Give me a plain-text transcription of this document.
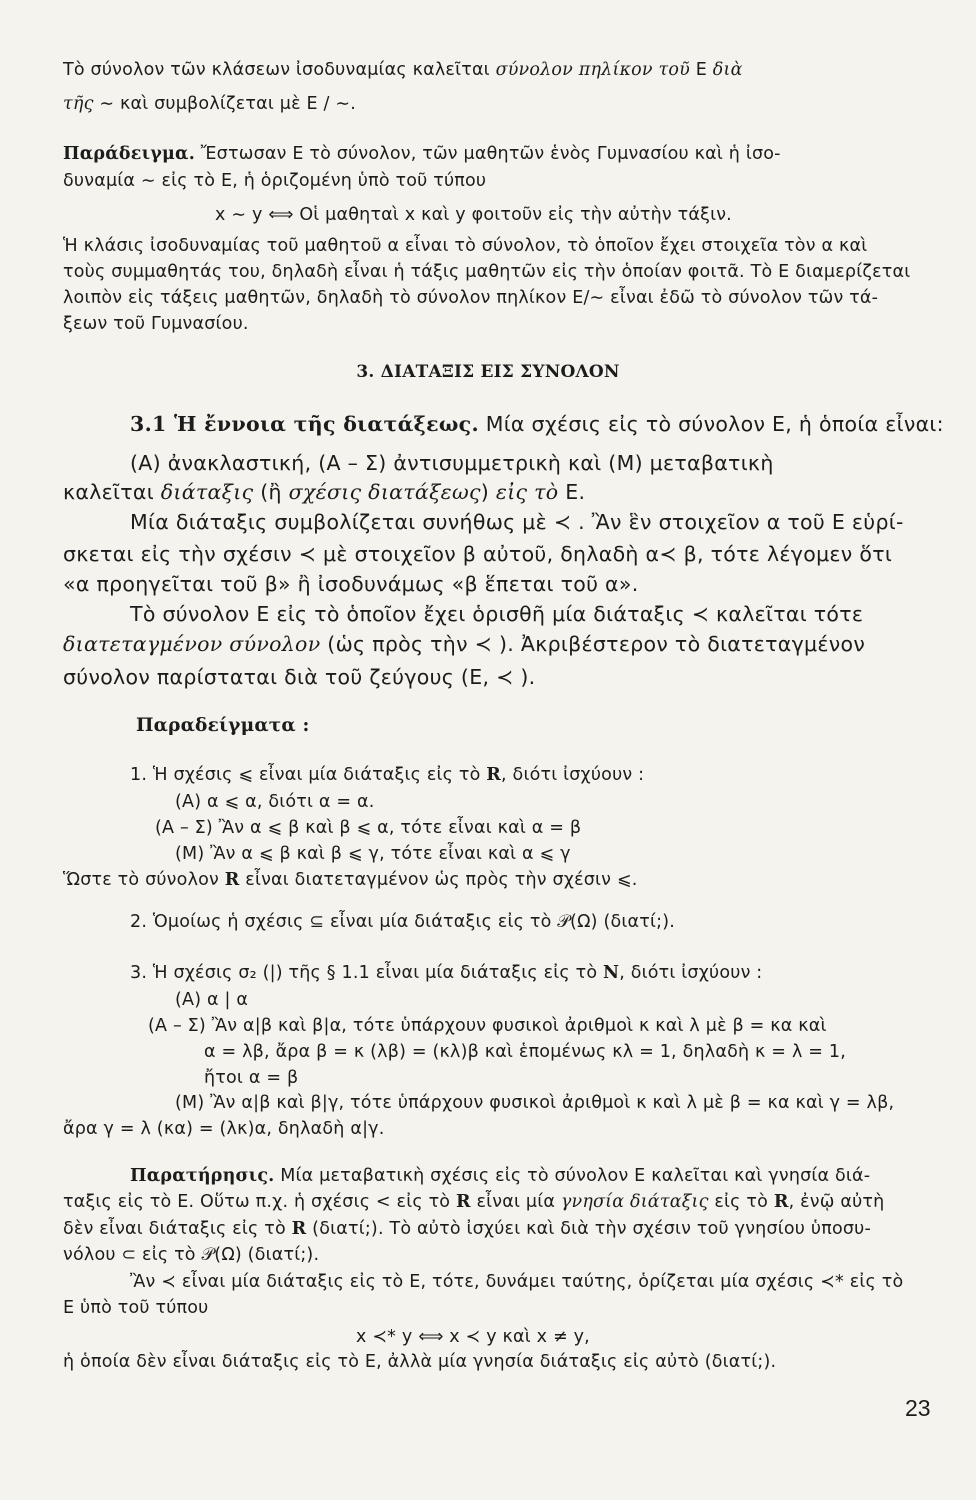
Τὸ σύνολον τῶν κλάσεων ἰσοδυναμίας καλεῖται σύνολον πηλίκον τοῦ Ε διὰ
τῆς ∼ καὶ συμβολίζεται μὲ Ε / ∼.
Παράδειγμα. Ἔστωσαν Ε τὸ σύνολον, τῶν μαθητῶν ἑνὸς Γυμνασίου καὶ ἡ ἰσο-
δυναμία ∼ εἰς τὸ Ε, ἡ ὁριζομένη ὑπὸ τοῦ τύπου
x ∼ y ⟺ Οἱ μαθηταὶ x καὶ y φοιτοῦν εἰς τὴν αὐτὴν τάξιν.
Ἡ κλάσις ἰσοδυναμίας τοῦ μαθητοῦ α εἶναι τὸ σύνολον, τὸ ὁποῖον ἔχει στοιχεῖα τὸν α καὶ
τοὺς συμμαθητάς του, δηλαδὴ εἶναι ἡ τάξις μαθητῶν εἰς τὴν ὁποίαν φοιτᾶ. Τὸ Ε διαμερίζεται
λοιπὸν εἰς τάξεις μαθητῶν, δηλαδὴ τὸ σύνολον πηλίκον Ε/∼ εἶναι ἐδῶ τὸ σύνολον τῶν τά-
ξεων τοῦ Γυμνασίου.
3. ΔΙΑΤΑΞΙΣ ΕΙΣ ΣΥΝΟΛΟΝ
3.1 Ἡ ἔννοια τῆς διατάξεως. Μία σχέσις εἰς τὸ σύνολον Ε, ἡ ὁποία εἶναι:
(Α) ἀνακλαστική, (Α – Σ) ἀντισυμμετρικὴ καὶ (Μ) μεταβατικὴ
καλεῖται διάταξις (ἢ σχέσις διατάξεως) εἰς τὸ Ε.
Μία διάταξις συμβολίζεται συνήθως μὲ ≺ . Ἂν ἓν στοιχεῖον α τοῦ Ε εὑρί-
σκεται εἰς τὴν σχέσιν ≺ μὲ στοιχεῖον β αὐτοῦ, δηλαδὴ α≺ β, τότε λέγομεν ὅτι
«α προηγεῖται τοῦ β» ἢ ἰσοδυνάμως «β ἕπεται τοῦ α».
Τὸ σύνολον Ε εἰς τὸ ὁποῖον ἔχει ὁρισθῆ μία διάταξις ≺ καλεῖται τότε
διατεταγμένον σύνολον (ὡς πρὸς τὴν ≺ ). Ἀκριβέστερον τὸ διατεταγμένον
σύνολον παρίσταται διὰ τοῦ ζεύγους (Ε, ≺ ).
Παραδείγματα :
1. Ἡ σχέσις ⩽ εἶναι μία διάταξις εἰς τὸ R, διότι ἰσχύουν :
(Α) α ⩽ α, διότι α = α.
(Α – Σ) Ἂν α ⩽ β καὶ β ⩽ α, τότε εἶναι καὶ α = β
(Μ) Ἂν α ⩽ β καὶ β ⩽ γ, τότε εἶναι καὶ α ⩽ γ
Ὥστε τὸ σύνολον R εἶναι διατεταγμένον ὡς πρὸς τὴν σχέσιν ⩽.
2. Ὁμοίως ἡ σχέσις ⊆ εἶναι μία διάταξις εἰς τὸ 𝒫(Ω) (διατί;).
3. Ἡ σχέσις σ₂ (|) τῆς § 1.1 εἶναι μία διάταξις εἰς τὸ N, διότι ἰσχύουν :
(Α) α | α
(Α – Σ) Ἂν α|β καὶ β|α, τότε ὑπάρχουν φυσικοὶ ἀριθμοὶ κ καὶ λ μὲ β = κα καὶ
α = λβ, ἄρα β = κ (λβ) = (κλ)β καὶ ἑπομένως κλ = 1, δηλαδὴ κ = λ = 1,
ἤτοι α = β
(Μ) Ἂν α|β καὶ β|γ, τότε ὑπάρχουν φυσικοὶ ἀριθμοὶ κ καὶ λ μὲ β = κα καὶ γ = λβ,
ἄρα γ = λ (κα) = (λκ)α, δηλαδὴ α|γ.
Παρατήρησις. Μία μεταβατικὴ σχέσις εἰς τὸ σύνολον Ε καλεῖται καὶ γνησία διά-
ταξις εἰς τὸ Ε. Οὕτω π.χ. ἡ σχέσις < εἰς τὸ R εἶναι μία γνησία διάταξις εἰς τὸ R, ἐνῷ αὐτὴ
δὲν εἶναι διάταξις εἰς τὸ R (διατί;). Τὸ αὐτὸ ἰσχύει καὶ διὰ τὴν σχέσιν τοῦ γνησίου ὑποσυ-
νόλου ⊂ εἰς τὸ 𝒫(Ω) (διατί;).
Ἂν ≺ εἶναι μία διάταξις εἰς τὸ Ε, τότε, δυνάμει ταύτης, ὁρίζεται μία σχέσις ≺* εἰς τὸ
Ε ὑπὸ τοῦ τύπου
x ≺* y ⟺ x ≺ y καὶ x ≠ y,
ἡ ὁποία δὲν εἶναι διάταξις εἰς τὸ Ε, ἀλλὰ μία γνησία διάταξις εἰς αὐτὸ (διατί;).
23
